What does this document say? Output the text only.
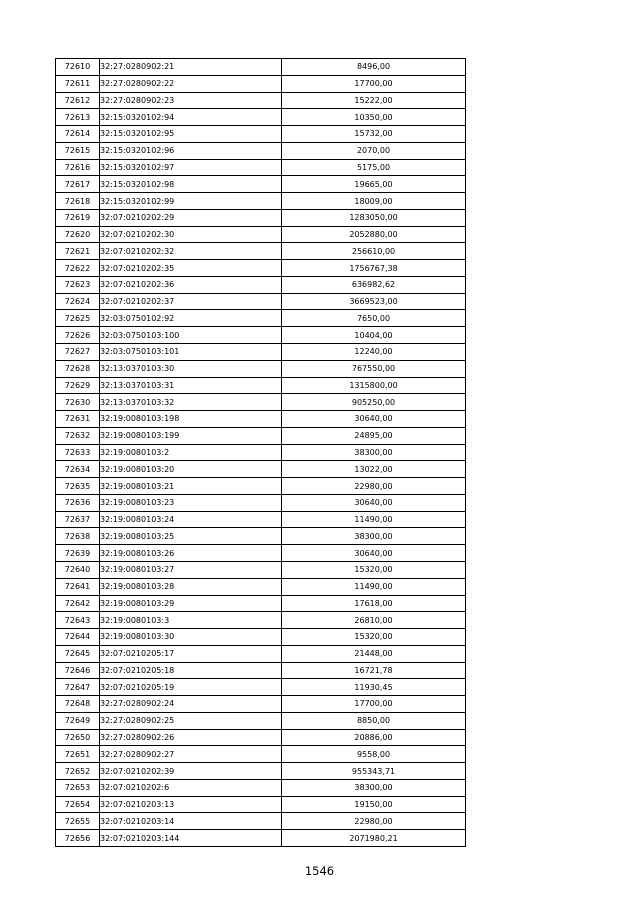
72610	32:27:0280902:21	8496,00
72611	32:27:0280902:22	17700,00
72612	32:27:0280902:23	15222,00
72613	32:15:0320102:94	10350,00
72614	32:15:0320102:95	15732,00
72615	32:15:0320102:96	2070,00
72616	32:15:0320102:97	5175,00
72617	32:15:0320102:98	19665,00
72618	32:15:0320102:99	18009,00
72619	32:07:0210202:29	1283050,00
72620	32:07:0210202:30	2052880,00
72621	32:07:0210202:32	256610,00
72622	32:07:0210202:35	1756767,38
72623	32:07:0210202:36	636982,62
72624	32:07:0210202:37	3669523,00
72625	32:03:0750102:92	7650,00
72626	32:03:0750103:100	10404,00
72627	32:03:0750103:101	12240,00
72628	32:13:0370103:30	767550,00
72629	32:13:0370103:31	1315800,00
72630	32:13:0370103:32	905250,00
72631	32:19:0080103:198	30640,00
72632	32:19:0080103:199	24895,00
72633	32:19:0080103:2	38300,00
72634	32:19:0080103:20	13022,00
72635	32:19:0080103:21	22980,00
72636	32:19:0080103:23	30640,00
72637	32:19:0080103:24	11490,00
72638	32:19:0080103:25	38300,00
72639	32:19:0080103:26	30640,00
72640	32:19:0080103:27	15320,00
72641	32:19:0080103:28	11490,00
72642	32:19:0080103:29	17618,00
72643	32:19:0080103:3	26810,00
72644	32:19:0080103:30	15320,00
72645	32:07:0210205:17	21448,00
72646	32:07:0210205:18	16721,78
72647	32:07:0210205:19	11930,45
72648	32:27:0280902:24	17700,00
72649	32:27:0280902:25	8850,00
72650	32:27:0280902:26	20886,00
72651	32:27:0280902:27	9558,00
72652	32:07:0210202:39	955343,71
72653	32:07:0210202:6	38300,00
72654	32:07:0210203:13	19150,00
72655	32:07:0210203:14	22980,00
72656	32:07:0210203:144	2071980,21
1546
